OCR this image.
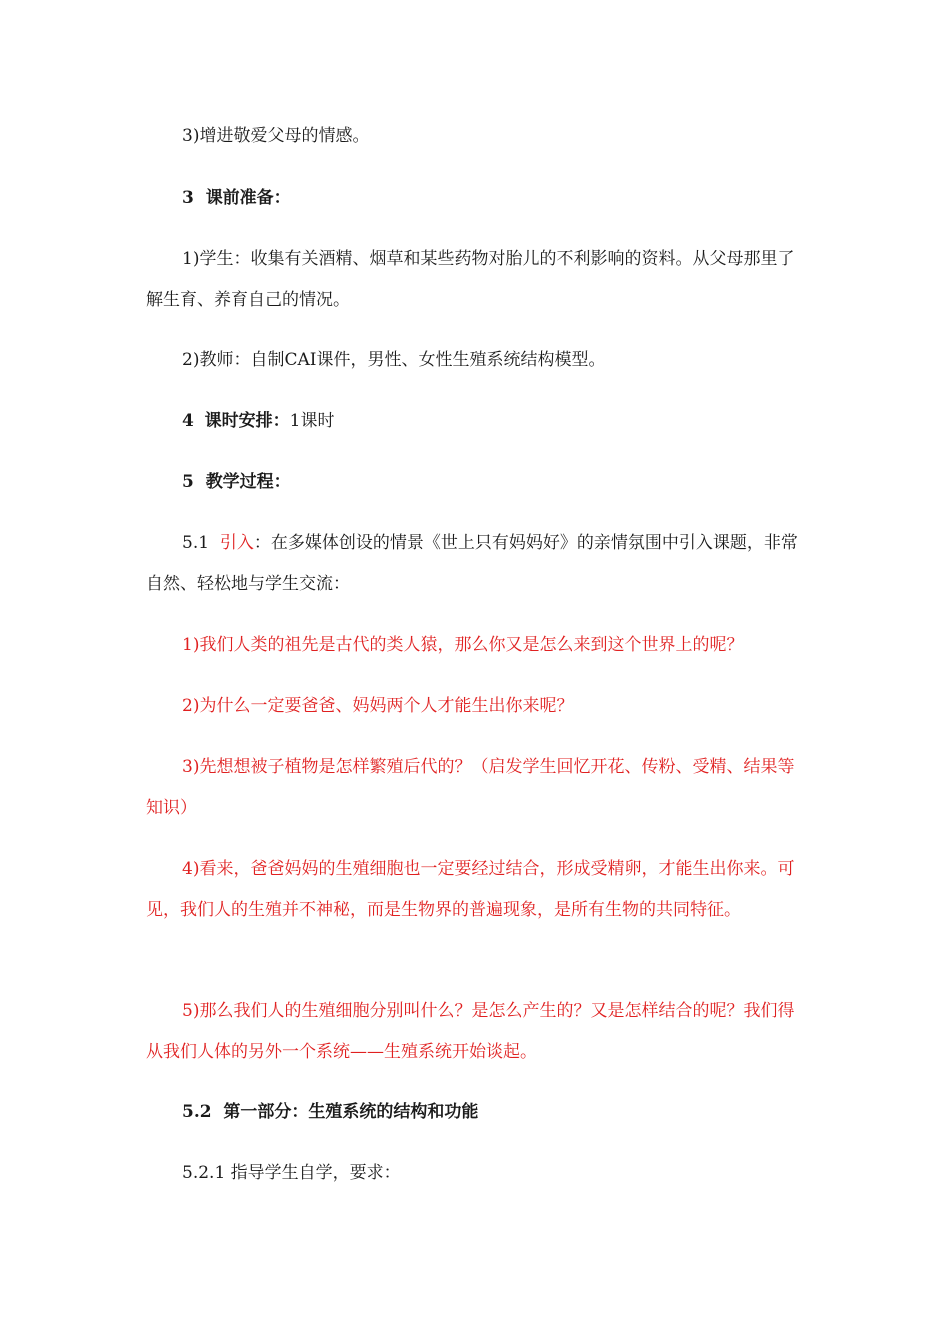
3)增进敬爱父母的情感。
3 课前准备：
1)学生：收集有关酒精、烟草和某些药物对胎儿的不利影响的资料。从父母那里了解生育、养育自己的情况。
2)教师：自制CAI课件，男性、女性生殖系统结构模型。
4 课时安排：1课时
5 教学过程：
5.1 引入：在多媒体创设的情景《世上只有妈妈好》的亲情氛围中引入课题，非常自然、轻松地与学生交流：
1)我们人类的祖先是古代的类人猿，那么你又是怎么来到这个世界上的呢？
2)为什么一定要爸爸、妈妈两个人才能生出你来呢？
3)先想想被子植物是怎样繁殖后代的？（启发学生回忆开花、传粉、受精、结果等知识）
4)看来，爸爸妈妈的生殖细胞也一定要经过结合，形成受精卵，才能生出你来。可见，我们人的生殖并不神秘，而是生物界的普遍现象，是所有生物的共同特征。
5)那么我们人的生殖细胞分别叫什么？是怎么产生的？又是怎样结合的呢？我们得从我们人体的另外一个系统——生殖系统开始谈起。
5.2 第一部分：生殖系统的结构和功能
5.2.1 指导学生自学，要求：
